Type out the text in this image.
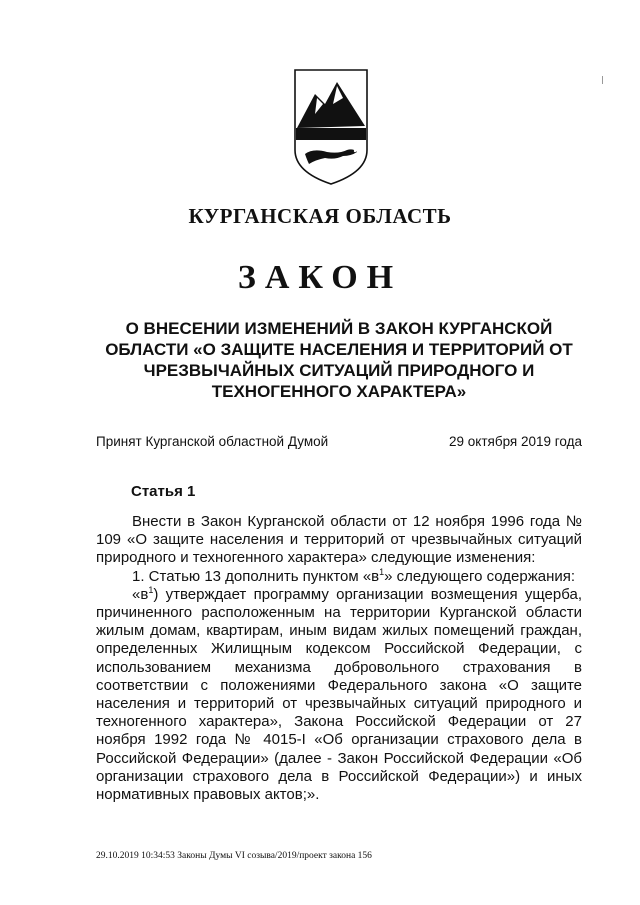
КУРГАНСКАЯ ОБЛАСТЬ
ЗАКОН
О ВНЕСЕНИИ ИЗМЕНЕНИЙ В ЗАКОН КУРГАНСКОЙ ОБЛАСТИ «О ЗАЩИТЕ НАСЕЛЕНИЯ И ТЕРРИТОРИЙ ОТ ЧРЕЗВЫЧАЙНЫХ СИТУАЦИЙ ПРИРОДНОГО И ТЕХНОГЕННОГО ХАРАКТЕРА»
Принят Курганской областной Думой	29 октября 2019 года
Статья 1

Внести в Закон Курганской области от 12 ноября 1996 года № 109 «О защите населения и территорий от чрезвычайных ситуаций природного и техногенного характера» следующие изменения:

1. Статью 13 дополнить пунктом «$в^1$» следующего содержания:

«$в^1$) утверждает программу организации возмещения ущерба, причиненного расположенным на территории Курганской области жилым домам, квартирам, иным видам жилых помещений граждан, определенных Жилищным кодексом Российской Федерации, с использованием механизма добровольного страхования в соответствии с положениями Федерального закона «О защите населения и территорий от чрезвычайных ситуаций природного и техногенного характера», Закона Российской Федерации от 27 ноября 1992 года № 4015-I «Об организации страхового дела в Российской Федерации» (далее - Закон Российской Федерации «Об организации страхового дела в Российской Федерации») и иных нормативных правовых актов;».

29.10.2019 10:34:53 Законы Думы VI созыва/2019/проект закона 156
